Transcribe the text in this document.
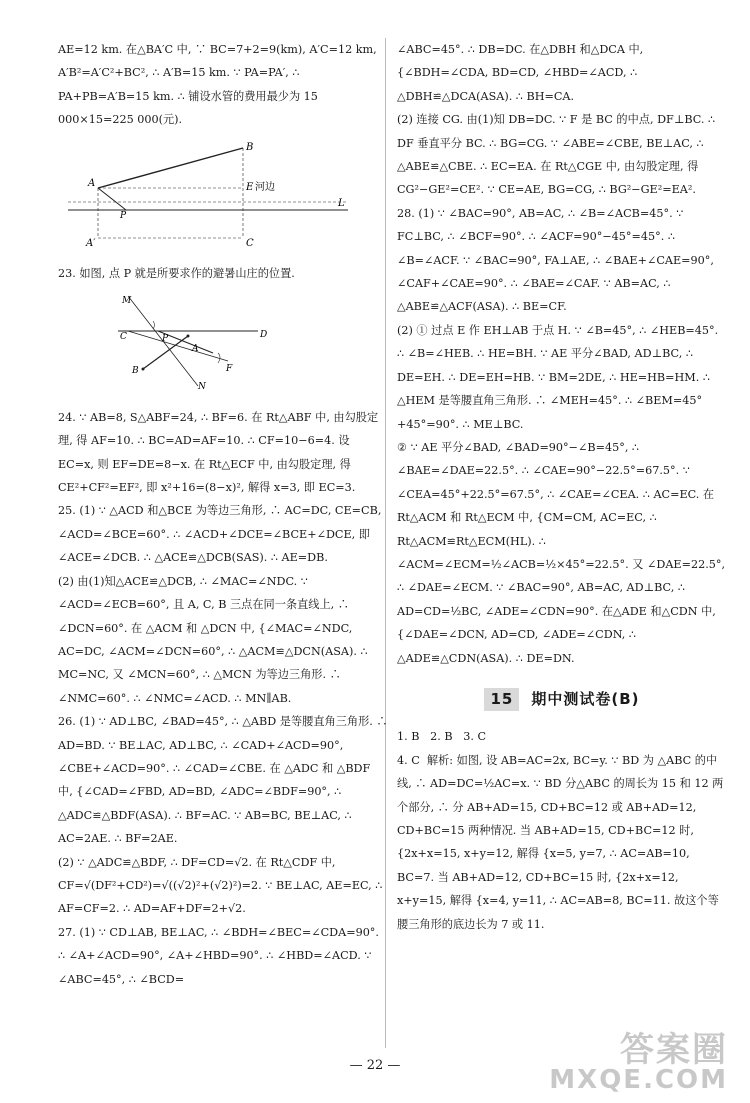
AE=12 km. 在△BA′C 中, ∵ BC=7+2=9(km), A′C=12 km, A′B²=A′C²+BC², ∴ A′B=15 km. ∵ PA=PA′, ∴ PA+PB=A′B=15 km. ∴ 铺设水管的费用最少为 15 000×15=225 000(元).

B
A	E 河边
P
L
C
A′

23. 如图, 点 P 就是所要求作的避暑山庄的位置.

M
C	P	D
A
B	F
N

24. ∵ AB=8, S△ABF=24, ∴ BF=6. 在 Rt△ABF 中, 由勾股定理, 得 AF=10. ∴ BC=AD=AF=10. ∴ CF=10−6=4. 设 EC=x, 则 EF=DE=8−x. 在 Rt△ECF 中, 由勾股定理, 得 CE²+CF²=EF², 即 x²+16=(8−x)², 解得 x=3, 即 EC=3.

25. (1) ∵ △ACD 和△BCE 为等边三角形, ∴ AC=DC, CE=CB, ∠ACD=∠BCE=60°. ∴ ∠ACD+∠DCE=∠BCE+∠DCE, 即 ∠ACE=∠DCB. ∴ △ACE≌△DCB(SAS). ∴ AE=DB.

(2) 由(1)知△ACE≌△DCB, ∴ ∠MAC=∠NDC. ∵ ∠ACD=∠ECB=60°, 且 A, C, B 三点在同一条直线上, ∴ ∠DCN=60°. 在 △ACM 和 △DCN 中, {∠MAC=∠NDC, AC=DC, ∠ACM=∠DCN=60°, ∴ △ACM≌△DCN(ASA). ∴ MC=NC, 又 ∠MCN=60°, ∴ △MCN 为等边三角形. ∴ ∠NMC=60°. ∴ ∠NMC=∠ACD. ∴ MN∥AB.

26. (1) ∵ AD⊥BC, ∠BAD=45°, ∴ △ABD 是等腰直角三角形. ∴ AD=BD. ∵ BE⊥AC, AD⊥BC, ∴ ∠CAD+∠ACD=90°, ∠CBE+∠ACD=90°. ∴ ∠CAD=∠CBE. 在 △ADC 和 △BDF 中, {∠CAD=∠FBD, AD=BD, ∠ADC=∠BDF=90°, ∴ △ADC≌△BDF(ASA). ∴ BF=AC. ∵ AB=BC, BE⊥AC, ∴ AC=2AE. ∴ BF=2AE.

(2) ∵ △ADC≌△BDF, ∴ DF=CD=√2. 在 Rt△CDF 中, CF=√(DF²+CD²)=√((√2)²+(√2)²)=2. ∵ BE⊥AC, AE=EC, ∴ AF=CF=2. ∴ AD=AF+DF=2+√2.

27. (1) ∵ CD⊥AB, BE⊥AC, ∴ ∠BDH=∠BEC=∠CDA=90°. ∴ ∠A+∠ACD=90°, ∠A+∠HBD=90°. ∴ ∠HBD=∠ACD. ∵ ∠ABC=45°, ∴ ∠BCD=

∠ABC=45°. ∴ DB=DC. 在△DBH 和△DCA 中, {∠BDH=∠CDA, BD=CD, ∠HBD=∠ACD, ∴ △DBH≌△DCA(ASA). ∴ BH=CA.

(2) 连接 CG. 由(1)知 DB=DC. ∵ F 是 BC 的中点, DF⊥BC. ∴ DF 垂直平分 BC. ∴ BG=CG. ∵ ∠ABE=∠CBE, BE⊥AC, ∴ △ABE≌△CBE. ∴ EC=EA. 在 Rt△CGE 中, 由勾股定理, 得 CG²−GE²=CE². ∵ CE=AE, BG=CG, ∴ BG²−GE²=EA².

28. (1) ∵ ∠BAC=90°, AB=AC, ∴ ∠B=∠ACB=45°. ∵ FC⊥BC, ∴ ∠BCF=90°. ∴ ∠ACF=90°−45°=45°. ∴ ∠B=∠ACF. ∵ ∠BAC=90°, FA⊥AE, ∴ ∠BAE+∠CAE=90°, ∠CAF+∠CAE=90°. ∴ ∠BAE=∠CAF. ∵ AB=AC, ∴ △ABE≌△ACF(ASA). ∴ BE=CF.

(2) ① 过点 E 作 EH⊥AB 于点 H. ∵ ∠B=45°, ∴ ∠HEB=45°. ∴ ∠B=∠HEB. ∴ HE=BH. ∵ AE 平分∠BAD, AD⊥BC, ∴ DE=EH. ∴ DE=EH=HB. ∵ BM=2DE, ∴ HE=HB=HM. ∴ △HEM 是等腰直角三角形. ∴ ∠MEH=45°. ∴ ∠BEM=45°+45°=90°. ∴ ME⊥BC.

② ∵ AE 平分∠BAD, ∠BAD=90°−∠B=45°, ∴ ∠BAE=∠DAE=22.5°. ∴ ∠CAE=90°−22.5°=67.5°. ∵ ∠CEA=45°+22.5°=67.5°, ∴ ∠CAE=∠CEA. ∴ AC=EC. 在 Rt△ACM 和 Rt△ECM 中, {CM=CM, AC=EC, ∴ Rt△ACM≌Rt△ECM(HL). ∴ ∠ACM=∠ECM=½∠ACB=½×45°=22.5°. 又 ∠DAE=22.5°, ∴ ∠DAE=∠ECM. ∵ ∠BAC=90°, AB=AC, AD⊥BC, ∴ AD=CD=½BC, ∠ADE=∠CDN=90°. 在△ADE 和△CDN 中, {∠DAE=∠DCN, AD=CD, ∠ADE=∠CDN, ∴ △ADE≌△CDN(ASA). ∴ DE=DN.

15 期中测试卷(B)

1. B   2. B   3. C

4. C  解析: 如图, 设 AB=AC=2x, BC=y. ∵ BD 为 △ABC 的中线, ∴ AD=DC=½AC=x. ∵ BD 分△ABC 的周长为 15 和 12 两个部分, ∴ 分 AB+AD=15, CD+BC=12 或 AB+AD=12, CD+BC=15 两种情况. 当 AB+AD=15, CD+BC=12 时, {2x+x=15, x+y=12, 解得 {x=5, y=7, ∴ AC=AB=10, BC=7. 当 AB+AD=12, CD+BC=15 时, {2x+x=12, x+y=15, 解得 {x=4, y=11, ∴ AC=AB=8, BC=11. 故这个等腰三角形的底边长为 7 或 11.

— 22 —	答案圈
MXQE.COM
